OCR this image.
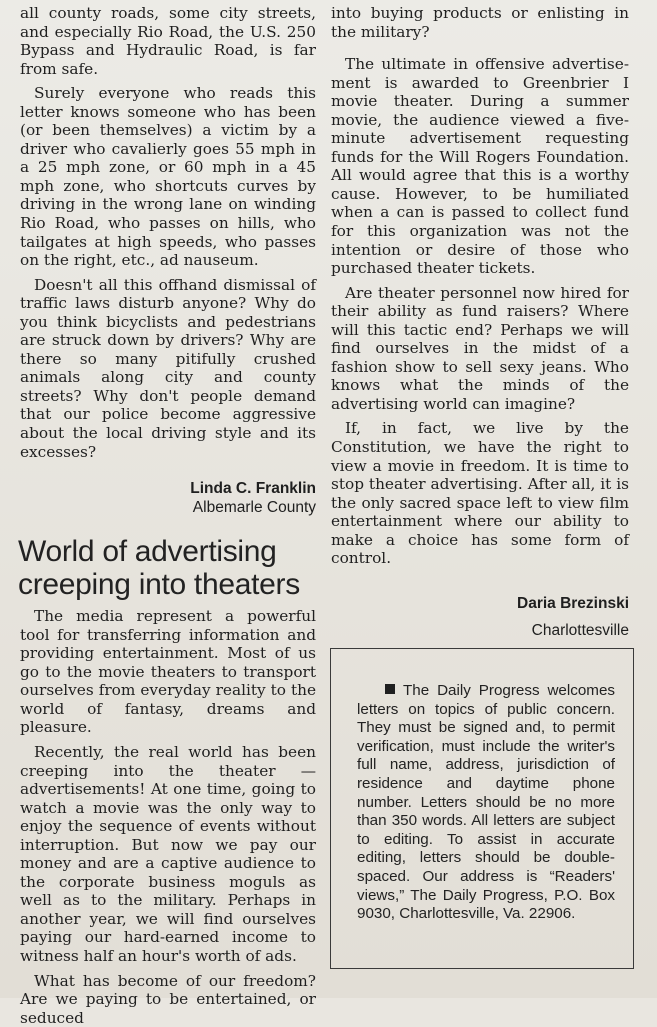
all county roads, some city streets, and especially Rio Road, the U.S. 250 Bypass and Hydraulic Road, is far from safe.

Surely everyone who reads this letter knows someone who has been (or been themselves) a victim by a driver who cavalierly goes 55 mph in a 25 mph zone, or 60 mph in a 45 mph zone, who shortcuts curves by driving in the wrong lane on winding Rio Road, who passes on hills, who tailgates at high speeds, who passes on the right, etc., ad nauseum.

Doesn't all this offhand dismissal of traffic laws disturb anyone? Why do you think bicyclists and pedestrians are struck down by drivers? Why are there so many pitifully crushed animals along city and county streets? Why don't people demand that our police become aggressive about the local driving style and its excesses?

Linda C. Franklin
Albemarle County
World of advertising creeping into theaters

The media represent a powerful tool for transferring information and providing entertainment. Most of us go to the movie theaters to transport ourselves from everyday reality to the world of fantasy, dreams and pleasure.

Recently, the real world has been creeping into the theater — advertisements! At one time, going to watch a movie was the only way to enjoy the sequence of events without interruption. But now we pay our money and are a captive audience to the corporate business moguls as well as to the military. Perhaps in another year, we will find ourselves paying our hard-earned income to witness half an hour's worth of ads.

What has become of our freedom? Are we paying to be entertained, or seduced

into buying products or enlisting in the military?

The ultimate in offensive advertisement is awarded to Greenbrier I movie theater. During a summer movie, the audience viewed a five-minute advertisement requesting funds for the Will Rogers Foundation. All would agree that this is a worthy cause. However, to be humiliated when a can is passed to collect fund for this organization was not the intention or desire of those who purchased theater tickets.

Are theater personnel now hired for their ability as fund raisers? Where will this tactic end? Perhaps we will find ourselves in the midst of a fashion show to sell sexy jeans. Who knows what the minds of the advertising world can imagine?

If, in fact, we live by the Constitution, we have the right to view a movie in freedom. It is time to stop theater advertising. After all, it is the only sacred space left to view film entertainment where our ability to make a choice has some form of control.

Daria Brezinski
Charlottesville
The Daily Progress welcomes letters on topics of public concern. They must be signed and, to permit verification, must include the writer's full name, address, jurisdiction of residence and daytime phone number. Letters should be no more than 350 words. All letters are subject to editing. To assist in accurate editing, letters should be double-spaced. Our address is “Readers' views,” The Daily Progress, P.O. Box 9030, Charlottesville, Va. 22906.
